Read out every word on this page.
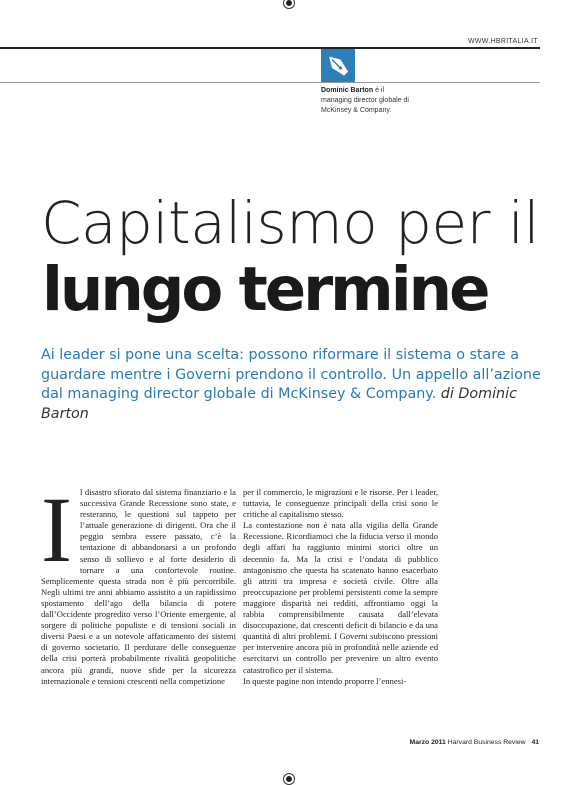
WWW.HBRITALIA.IT
Dominic Barton è il managing director globale di McKinsey & Company.
Capitalismo per il
lungo termine
Ai leader si pone una scelta: possono riformare il sistema o stare a guardare mentre i Governi prendono il controllo. Un appello all’azione dal managing director globale di McKinsey & Company. di Dominic Barton
I l disastro sfiorato dal sistema finanziario e la successiva Grande Recessione sono state, e resteranno, le questioni sul tappeto per l’attuale generazione di dirigenti. Ora che il peggio sembra essere passato, c’è la tentazione di abbandonarsi a un profondo senso di sollievo e al forte desiderio di tornare a una confortevole routine. Semplicemente questa strada non è più percorribile. Negli ultimi tre anni abbiamo assistito a un rapidissimo spostamento dell’ago della bilancia di potere dall’Occidente progredito verso l’Oriente emergente, al sorgere di politiche populiste e di tensioni sociali in diversi Paesi e a un notevole affaticamento dei sistemi di governo societario. Il perdurare delle conseguenze della crisi porterà probabilmente rivalità geopolitiche ancora più grandi, nuove sfide per la sicurezza internazionale e tensioni crescenti nella competizione

per il commercio, le migrazioni e le risorse. Per i leader, tuttavia, le conseguenze principali della crisi sono le critiche al capitalismo stesso.

La contestazione non è nata alla vigilia della Grande Recessione. Ricordiamoci che la fiducia verso il mondo degli affari ha raggiunto minimi storici oltre un decennio fa. Ma la crisi e l’ondata di pubblico antagonismo che questa ha scatenato hanno esacerbato gli attriti tra impresa e società civile. Oltre alla preoccupazione per problemi persistenti come la sempre maggiore disparità nei redditi, affrontiamo oggi la rabbia comprensibilmente causata dall’elevata disoccupazione, dai crescenti deficit di bilancio e da una quantità di altri problemi. I Governi subiscono pressioni per intervenire ancora più in profondità nelle aziende ed esercitarvi un controllo per prevenire un altro evento catastrofico per il sistema.

In queste pagine non intendo proporre l’ennesi-

Marzo 2011 Harvard Business Review 41
